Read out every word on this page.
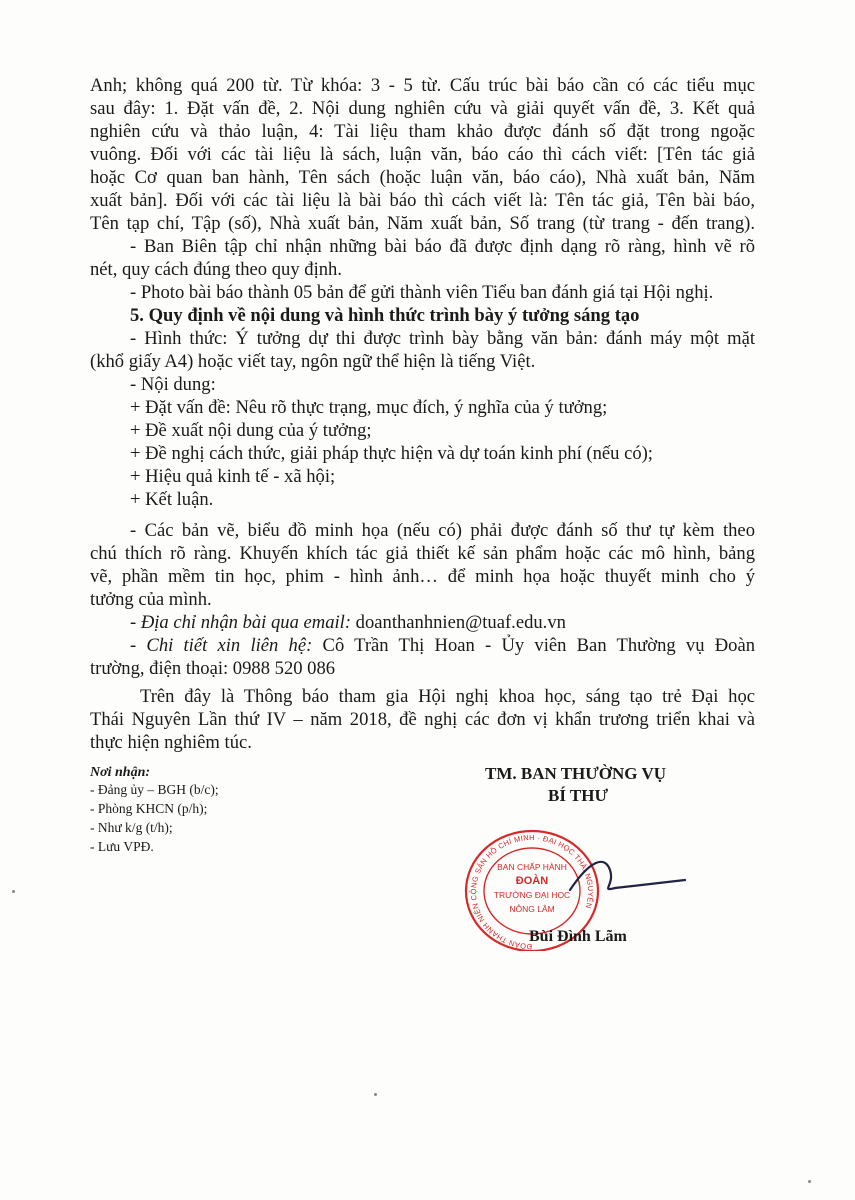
Anh; không quá 200 từ. Từ khóa: 3 - 5 từ. Cấu trúc bài báo cần có các tiểu mục
sau đây: 1. Đặt vấn đề, 2. Nội dung nghiên cứu và giải quyết vấn đề, 3. Kết quả
nghiên cứu và thảo luận, 4: Tài liệu tham khảo được đánh số đặt trong ngoặc
vuông. Đối với các tài liệu là sách, luận văn, báo cáo thì cách viết: [Tên tác giả
hoặc Cơ quan ban hành, Tên sách (hoặc luận văn, báo cáo), Nhà xuất bản, Năm
xuất bản]. Đối với các tài liệu là bài báo thì cách viết là: Tên tác giả, Tên bài báo,
Tên tạp chí, Tập (số), Nhà xuất bản, Năm xuất bản, Số trang (từ trang - đến trang).
- Ban Biên tập chỉ nhận những bài báo đã được định dạng rõ ràng, hình vẽ rõ
nét, quy cách đúng theo quy định.
- Photo bài báo thành 05 bản để gửi thành viên Tiểu ban đánh giá tại Hội nghị.
5. Quy định về nội dung và hình thức trình bày ý tưởng sáng tạo
- Hình thức: Ý tưởng dự thi được trình bày bằng văn bản: đánh máy một mặt
(khổ giấy A4) hoặc viết tay, ngôn ngữ thể hiện là tiếng Việt.
- Nội dung:
+ Đặt vấn đề: Nêu rõ thực trạng, mục đích, ý nghĩa của ý tưởng;
+ Đề xuất nội dung của ý tưởng;
+ Đề nghị cách thức, giải pháp thực hiện và dự toán kinh phí (nếu có);
+ Hiệu quả kinh tế - xã hội;
+ Kết luận.
- Các bản vẽ, biểu đồ minh họa (nếu có) phải được đánh số thư tự kèm theo
chú thích rõ ràng. Khuyến khích tác giả thiết kế sản phẩm hoặc các mô hình, bảng
vẽ, phần mềm tin học, phim - hình ảnh… để minh họa hoặc thuyết minh cho ý
tưởng của mình.
- Địa chỉ nhận bài qua email: doanthanhnien@tuaf.edu.vn
- Chi tiết xin liên hệ: Cô Trần Thị Hoan - Ủy viên Ban Thường vụ Đoàn
trường, điện thoại: 0988 520 086
Trên đây là Thông báo tham gia Hội nghị khoa học, sáng tạo trẻ Đại học
Thái Nguyên Lần thứ IV – năm 2018, đề nghị các đơn vị khẩn trương triển khai và
thực hiện nghiêm túc.
Nơi nhận:
- Đảng ủy – BGH (b/c);
- Phòng KHCN (p/h);
- Như k/g (t/h);
- Lưu VPĐ.
TM. BAN THƯỜNG VỤ
BÍ THƯ
ĐOÀN THANH NIÊN CỘNG SẢN HỒ CHÍ MINH · ĐẠI HỌC THÁI NGUYÊN
BAN CHẤP HÀNH
ĐOÀN
TRƯỜNG ĐẠI HỌC
NÔNG LÂM
Bùi Đình Lãm
